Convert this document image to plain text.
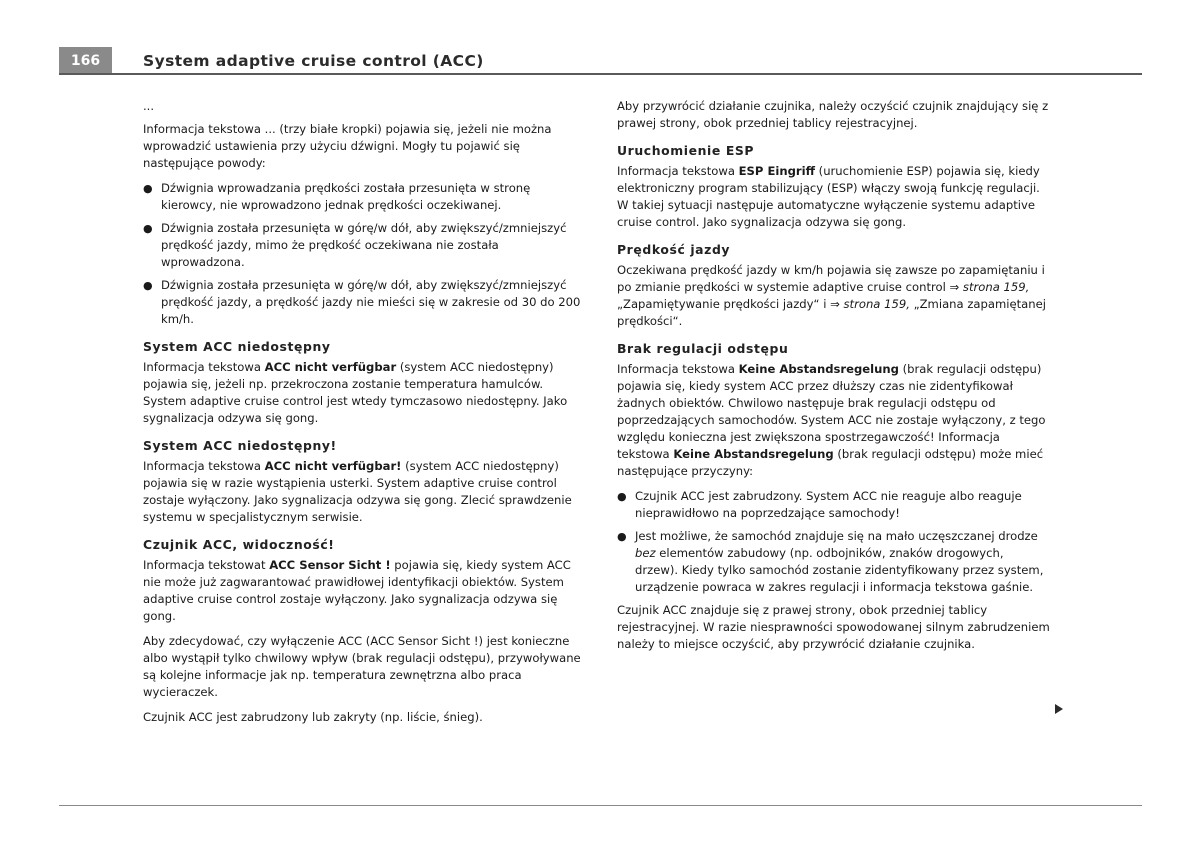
166	System adaptive cruise control (ACC)

...

Informacja tekstowa ... (trzy białe kropki) pojawia się, jeżeli nie można wprowadzić ustawienia przy użyciu dźwigni. Mogły tu pojawić się następujące powody:

● Dźwignia wprowadzania prędkości została przesunięta w stronę kierowcy, nie wprowadzono jednak prędkości oczekiwanej.
● Dźwignia została przesunięta w górę/w dół, aby zwiększyć/zmniejszyć prędkość jazdy, mimo że prędkość oczekiwana nie została wprowadzona.
● Dźwignia została przesunięta w górę/w dół, aby zwiększyć/zmniejszyć prędkość jazdy, a prędkość jazdy nie mieści się w zakresie od 30 do 200 km/h.
System ACC niedostępny

Informacja tekstowa ACC nicht verfügbar (system ACC niedostępny) pojawia się, jeżeli np. przekroczona zostanie temperatura hamulców. System adaptive cruise control jest wtedy tymczasowo niedostępny. Jako sygnalizacja odzywa się gong.

System ACC niedostępny!

Informacja tekstowa ACC nicht verfügbar! (system ACC niedostępny) pojawia się w razie wystąpienia usterki. System adaptive cruise control zostaje wyłączony. Jako sygnalizacja odzywa się gong. Zlecić sprawdzenie systemu w specjalistycznym serwisie.

Czujnik ACC, widoczność!

Informacja tekstowat ACC Sensor Sicht ! pojawia się, kiedy system ACC nie może już zagwarantować prawidłowej identyfikacji obiektów. System adaptive cruise control zostaje wyłączony. Jako sygnalizacja odzywa się gong.

Aby zdecydować, czy wyłączenie ACC (ACC Sensor Sicht !) jest konieczne albo wystąpił tylko chwilowy wpływ (brak regulacji odstępu), przywoływane są kolejne informacje jak np. temperatura zewnętrzna albo praca wycieraczek.

Czujnik ACC jest zabrudzony lub zakryty (np. liście, śnieg).

Aby przywrócić działanie czujnika, należy oczyścić czujnik znajdujący się z prawej strony, obok przedniej tablicy rejestracyjnej.

Uruchomienie ESP

Informacja tekstowa ESP Eingriff (uruchomienie ESP) pojawia się, kiedy elektroniczny program stabilizujący (ESP) włączy swoją funkcję regulacji. W takiej sytuacji następuje automatyczne wyłączenie systemu adaptive cruise control. Jako sygnalizacja odzywa się gong.

Prędkość jazdy

Oczekiwana prędkość jazdy w km/h pojawia się zawsze po zapamiętaniu i po zmianie prędkości w systemie adaptive cruise control ⇒ strona 159, „Zapamiętywanie prędkości jazdy“ i ⇒ strona 159, „Zmiana zapamiętanej prędkości“.

Brak regulacji odstępu

Informacja tekstowa Keine Abstandsregelung (brak regulacji odstępu) pojawia się, kiedy system ACC przez dłuższy czas nie zidentyfikował żadnych obiektów. Chwilowo następuje brak regulacji odstępu od poprzedzających samochodów. System ACC nie zostaje wyłączony, z tego względu konieczna jest zwiększona spostrzegawczość! Informacja tekstowa Keine Abstandsregelung (brak regulacji odstępu) może mieć następujące przyczyny:

● Czujnik ACC jest zabrudzony. System ACC nie reaguje albo reaguje nieprawidłowo na poprzedzające samochody!
● Jest możliwe, że samochód znajduje się na mało uczęszczanej drodze bez elementów zabudowy (np. odbojników, znaków drogowych, drzew). Kiedy tylko samochód zostanie zidentyfikowany przez system, urządzenie powraca w zakres regulacji i informacja tekstowa gaśnie.

Czujnik ACC znajduje się z prawej strony, obok przedniej tablicy rejestracyjnej. W razie niesprawności spowodowanej silnym zabrudzeniem należy to miejsce oczyścić, aby przywrócić działanie czujnika.
